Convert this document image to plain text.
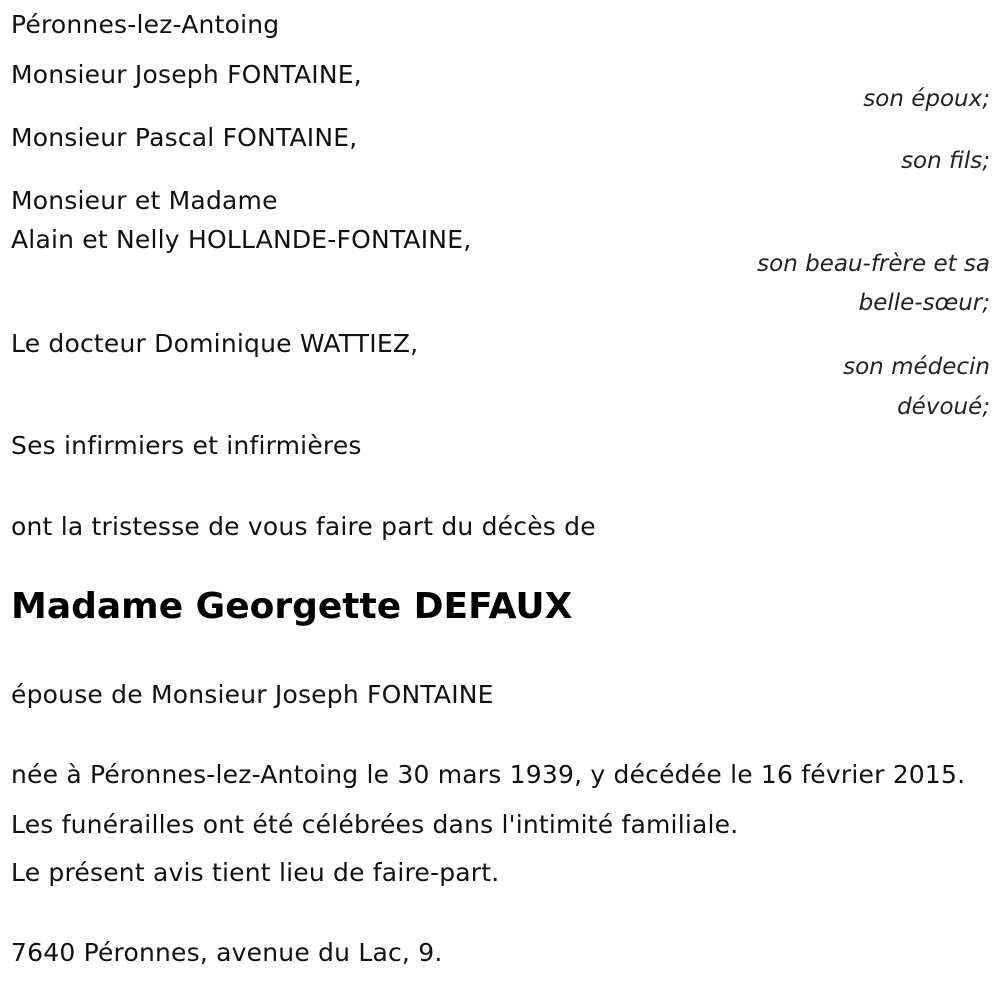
Péronnes-lez-Antoing
Monsieur Joseph FONTAINE,
son époux;
Monsieur Pascal FONTAINE,
son fils;
Monsieur et Madame
Alain et Nelly HOLLANDE-FONTAINE,
son beau-frère et sa
belle-sœur;
Le docteur Dominique WATTIEZ,
son médecin
dévoué;
Ses infirmiers et infirmières
ont la tristesse de vous faire part du décès de
Madame Georgette DEFAUX
épouse de Monsieur Joseph FONTAINE
née à Péronnes-lez-Antoing le 30 mars 1939, y décédée le 16 février 2015.
Les funérailles ont été célébrées dans l'intimité familiale.
Le présent avis tient lieu de faire-part.
7640 Péronnes, avenue du Lac, 9.
